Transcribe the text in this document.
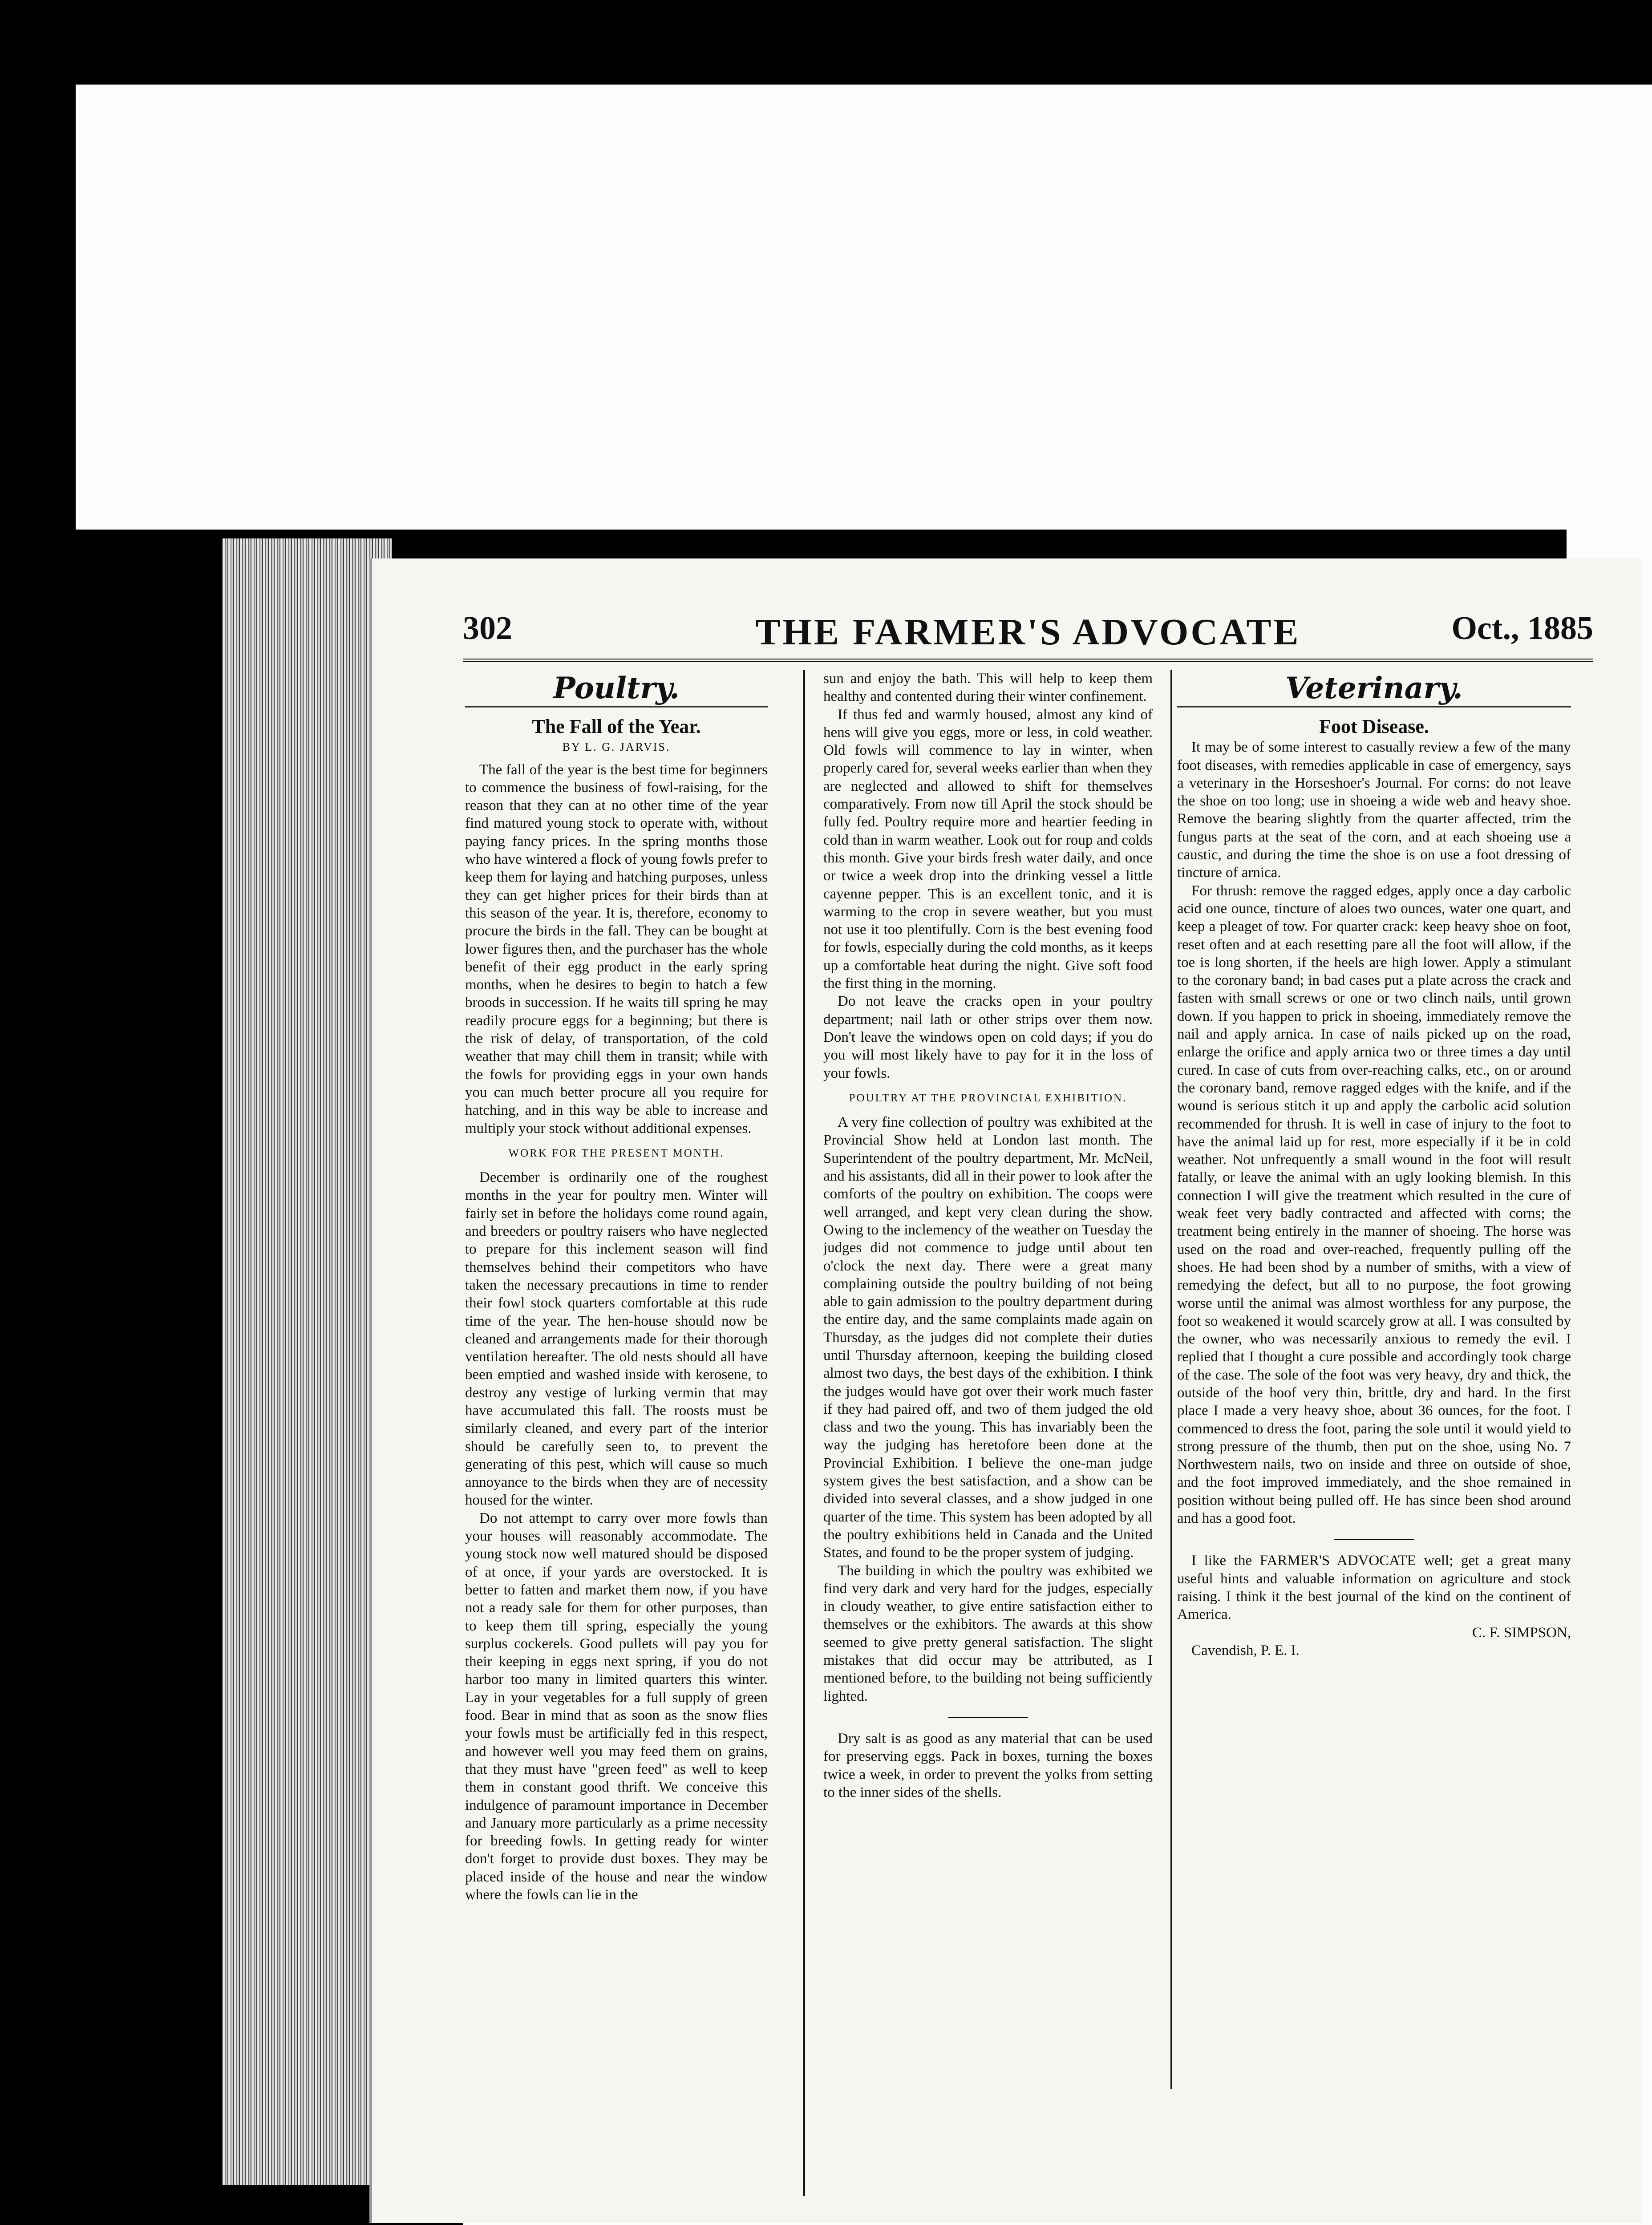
302	THE FARMER'S ADVOCATE	Oct., 1885
Poultry.
The Fall of the Year.
BY L. G. JARVIS.

The fall of the year is the best time for beginners to commence the business of fowl-raising, for the reason that they can at no other time of the year find matured young stock to operate with, without paying fancy prices. In the spring months those who have wintered a flock of young fowls prefer to keep them for laying and hatching purposes, unless they can get higher prices for their birds than at this season of the year. It is, therefore, economy to procure the birds in the fall. They can be bought at lower figures then, and the purchaser has the whole benefit of their egg product in the early spring months, when he desires to begin to hatch a few broods in succession. If he waits till spring he may readily procure eggs for a beginning; but there is the risk of delay, of transportation, of the cold weather that may chill them in transit; while with the fowls for providing eggs in your own hands you can much better procure all you require for hatching, and in this way be able to increase and multiply your stock without additional expenses.

WORK FOR THE PRESENT MONTH.

December is ordinarily one of the roughest months in the year for poultry men. Winter will fairly set in before the holidays come round again, and breeders or poultry raisers who have neglected to prepare for this inclement season will find themselves behind their competitors who have taken the necessary precautions in time to render their fowl stock quarters comfortable at this rude time of the year. The hen-house should now be cleaned and arrangements made for their thorough ventilation hereafter. The old nests should all have been emptied and washed inside with kerosene, to destroy any vestige of lurking vermin that may have accumulated this fall. The roosts must be similarly cleaned, and every part of the interior should be carefully seen to, to prevent the generating of this pest, which will cause so much annoyance to the birds when they are of necessity housed for the winter.

Do not attempt to carry over more fowls than your houses will reasonably accommodate. The young stock now well matured should be disposed of at once, if your yards are overstocked. It is better to fatten and market them now, if you have not a ready sale for them for other purposes, than to keep them till spring, especially the young surplus cockerels. Good pullets will pay you for their keeping in eggs next spring, if you do not harbor too many in limited quarters this winter. Lay in your vegetables for a full supply of green food. Bear in mind that as soon as the snow flies your fowls must be artificially fed in this respect, and however well you may feed them on grains, that they must have "green feed" as well to keep them in constant good thrift. We conceive this indulgence of paramount importance in December and January more particularly as a prime necessity for breeding fowls. In getting ready for winter don't forget to provide dust boxes. They may be placed inside of the house and near the window where the fowls can lie in the

sun and enjoy the bath. This will help to keep them healthy and contented during their winter confinement.

If thus fed and warmly housed, almost any kind of hens will give you eggs, more or less, in cold weather. Old fowls will commence to lay in winter, when properly cared for, several weeks earlier than when they are neglected and allowed to shift for themselves comparatively. From now till April the stock should be fully fed. Poultry require more and heartier feeding in cold than in warm weather. Look out for roup and colds this month. Give your birds fresh water daily, and once or twice a week drop into the drinking vessel a little cayenne pepper. This is an excellent tonic, and it is warming to the crop in severe weather, but you must not use it too plentifully. Corn is the best evening food for fowls, especially during the cold months, as it keeps up a comfortable heat during the night. Give soft food the first thing in the morning.

Do not leave the cracks open in your poultry department; nail lath or other strips over them now. Don't leave the windows open on cold days; if you do you will most likely have to pay for it in the loss of your fowls.

POULTRY AT THE PROVINCIAL EXHIBITION.

A very fine collection of poultry was exhibited at the Provincial Show held at London last month. The Superintendent of the poultry department, Mr. McNeil, and his assistants, did all in their power to look after the comforts of the poultry on exhibition. The coops were well arranged, and kept very clean during the show. Owing to the inclemency of the weather on Tuesday the judges did not commence to judge until about ten o'clock the next day. There were a great many complaining outside the poultry building of not being able to gain admission to the poultry department during the entire day, and the same complaints made again on Thursday, as the judges did not complete their duties until Thursday afternoon, keeping the building closed almost two days, the best days of the exhibition. I think the judges would have got over their work much faster if they had paired off, and two of them judged the old class and two the young. This has invariably been the way the judging has heretofore been done at the Provincial Exhibition. I believe the one-man judge system gives the best satisfaction, and a show can be divided into several classes, and a show judged in one quarter of the time. This system has been adopted by all the poultry exhibitions held in Canada and the United States, and found to be the proper system of judging.

The building in which the poultry was exhibited we find very dark and very hard for the judges, especially in cloudy weather, to give entire satisfaction either to themselves or the exhibitors. The awards at this show seemed to give pretty general satisfaction. The slight mistakes that did occur may be attributed, as I mentioned before, to the building not being sufficiently lighted.

Dry salt is as good as any material that can be used for preserving eggs. Pack in boxes, turning the boxes twice a week, in order to prevent the yolks from setting to the inner sides of the shells.

Veterinary.
Foot Disease.

It may be of some interest to casually review a few of the many foot diseases, with remedies applicable in case of emergency, says a veterinary in the Horseshoer's Journal. For corns: do not leave the shoe on too long; use in shoeing a wide web and heavy shoe. Remove the bearing slightly from the quarter affected, trim the fungus parts at the seat of the corn, and at each shoeing use a caustic, and during the time the shoe is on use a foot dressing of tincture of arnica.

For thrush: remove the ragged edges, apply once a day carbolic acid one ounce, tincture of aloes two ounces, water one quart, and keep a pleaget of tow. For quarter crack: keep heavy shoe on foot, reset often and at each resetting pare all the foot will allow, if the toe is long shorten, if the heels are high lower. Apply a stimulant to the coronary band; in bad cases put a plate across the crack and fasten with small screws or one or two clinch nails, until grown down. If you happen to prick in shoeing, immediately remove the nail and apply arnica. In case of nails picked up on the road, enlarge the orifice and apply arnica two or three times a day until cured. In case of cuts from over-reaching calks, etc., on or around the coronary band, remove ragged edges with the knife, and if the wound is serious stitch it up and apply the carbolic acid solution recommended for thrush. It is well in case of injury to the foot to have the animal laid up for rest, more especially if it be in cold weather. Not unfrequently a small wound in the foot will result fatally, or leave the animal with an ugly looking blemish. In this connection I will give the treatment which resulted in the cure of weak feet very badly contracted and affected with corns; the treatment being entirely in the manner of shoeing. The horse was used on the road and over-reached, frequently pulling off the shoes. He had been shod by a number of smiths, with a view of remedying the defect, but all to no purpose, the foot growing worse until the animal was almost worthless for any purpose, the foot so weakened it would scarcely grow at all. I was consulted by the owner, who was necessarily anxious to remedy the evil. I replied that I thought a cure possible and accordingly took charge of the case. The sole of the foot was very heavy, dry and thick, the outside of the hoof very thin, brittle, dry and hard. In the first place I made a very heavy shoe, about 36 ounces, for the foot. I commenced to dress the foot, paring the sole until it would yield to strong pressure of the thumb, then put on the shoe, using No. 7 Northwestern nails, two on inside and three on outside of shoe, and the foot improved immediately, and the shoe remained in position without being pulled off. He has since been shod around and has a good foot.

I like the FARMER'S ADVOCATE well; get a great many useful hints and valuable information on agriculture and stock raising. I think it the best journal of the kind on the continent of America.

C. F. SIMPSON,

Cavendish, P. E. I.
